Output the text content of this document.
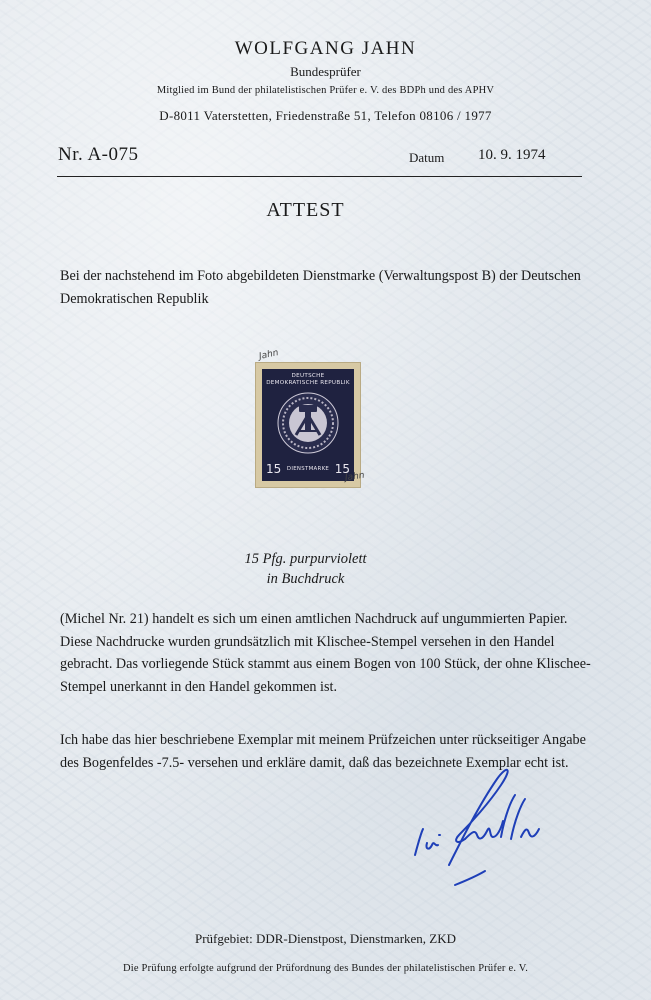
WOLFGANG JAHN
Bundesprüfer
Mitglied im Bund der philatelistischen Prüfer e. V. des BDPh und des APHV
D-8011 Vaterstetten, Friedenstraße 51, Telefon 08106 / 1977
Nr. A-075	Datum 10. 9. 1974
ATTEST
Bei der nachstehend im Foto abgebildeten Dienstmarke (Verwaltungspost B) der Deutschen Demokratischen Republik
DEUTSCHE
DEMOKRATISCHE REPUBLIK
15	DIENSTMARKE 15
Jahn
Jahn
15 Pfg. purpurviolett
in Buchdruck
(Michel Nr. 21) handelt es sich um einen amtlichen Nachdruck auf ungummierten Papier. Diese Nachdrucke wurden grundsätzlich mit Klischee-Stempel versehen in den Handel gebracht. Das vorliegende Stück stammt aus einem Bogen von 100 Stück, der ohne Klischee-Stempel unerkannt in den Handel gekommen ist.
Ich habe das hier beschriebene Exemplar mit meinem Prüfzeichen unter rückseitiger Angabe des Bogenfeldes -7.5- versehen und erkläre damit, daß das bezeichnete Exemplar echt ist.
Prüfgebiet: DDR-Dienstpost, Dienstmarken, ZKD
Die Prüfung erfolgte aufgrund der Prüfordnung des Bundes der philatelistischen Prüfer e. V.
